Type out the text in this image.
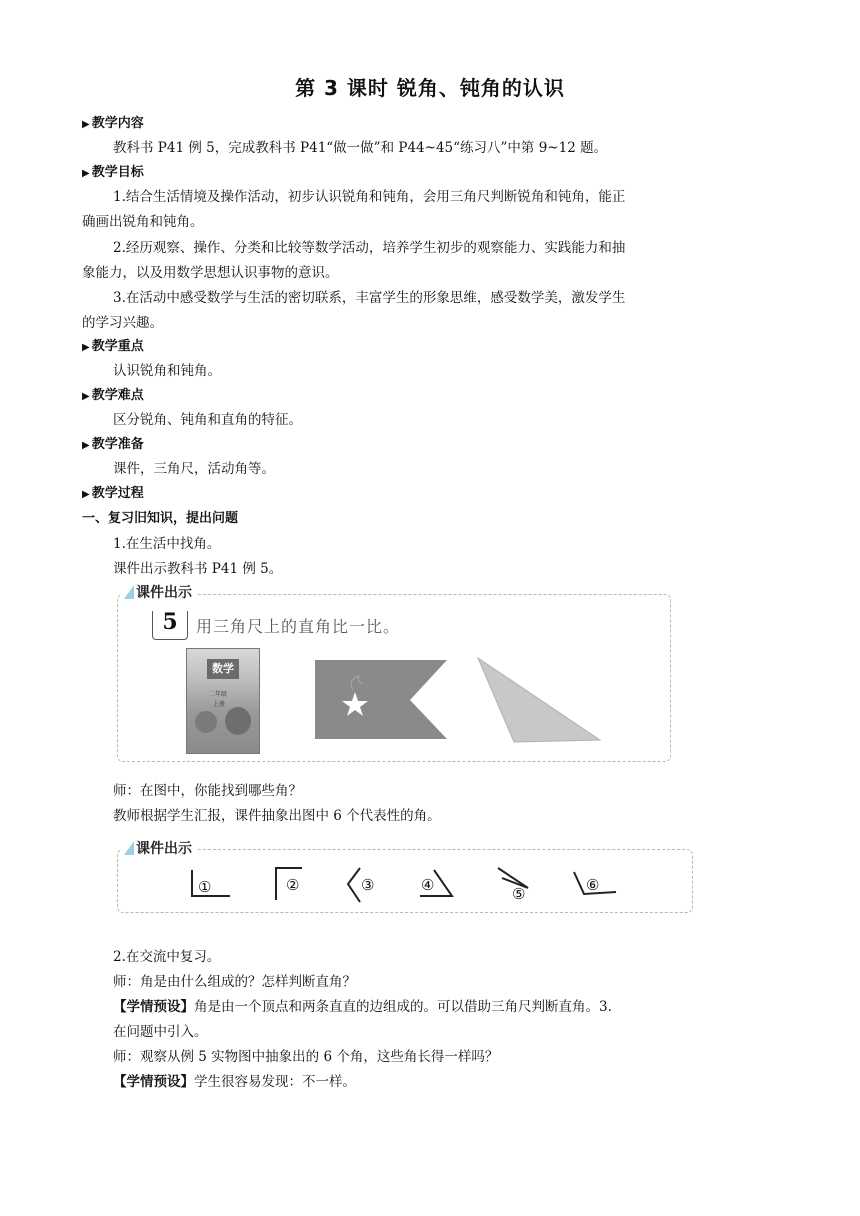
第 3 课时 锐角、钝角的认识
▶ 教学内容
教科书 P41 例 5，完成教科书 P41“做一做”和 P44~45“练习八”中第 9~12 题。
▶ 教学目标
1.结合生活情境及操作活动，初步认识锐角和钝角，会用三角尺判断锐角和钝角，能正
确画出锐角和钝角。
2.经历观察、操作、分类和比较等数学活动，培养学生初步的观察能力、实践能力和抽
象能力，以及用数学思想认识事物的意识。
3.在活动中感受数学与生活的密切联系，丰富学生的形象思维，感受数学美，激发学生
的学习兴趣。
▶ 教学重点
认识锐角和钝角。
▶ 教学难点
区分锐角、钝角和直角的特征。
▶ 教学准备
课件，三角尺，活动角等。
▶ 教学过程
一、复习旧知识，提出问题
1.在生活中找角。
课件出示教科书 P41 例 5。
课件出示
5	用三角尺上的直角比一比。
数学
二年级
上册
师：在图中，你能找到哪些角？
教师根据学生汇报，课件抽象出图中 6 个代表性的角。
课件出示
①	②	③	④	⑤	⑥
2.在交流中复习。
师：角是由什么组成的？怎样判断直角？
【学情预设】角是由一个顶点和两条直直的边组成的。可以借助三角尺判断直角。3.
在问题中引入。
师：观察从例 5 实物图中抽象出的 6 个角，这些角长得一样吗？
【学情预设】学生很容易发现：不一样。
